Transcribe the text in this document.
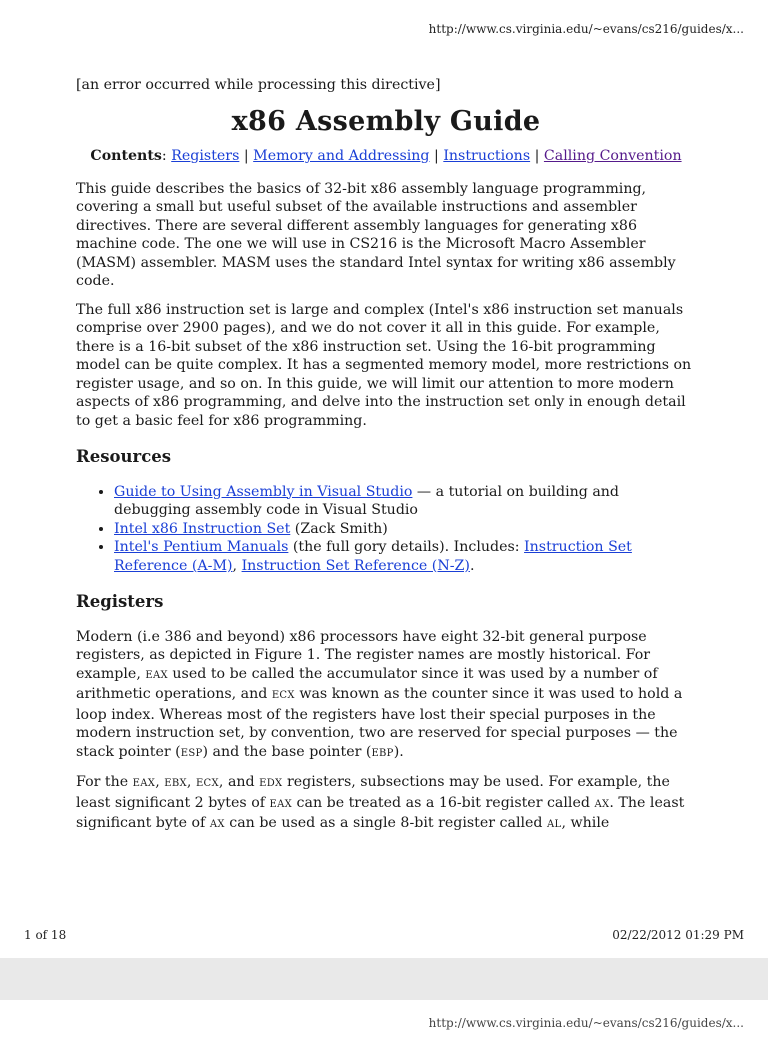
http://www.cs.virginia.edu/~evans/cs216/guides/x...
[an error occurred while processing this directive]
x86 Assembly Guide
Contents: Registers | Memory and Addressing | Instructions | Calling Convention

This guide describes the basics of 32-bit x86 assembly language programming, covering a small but useful subset of the available instructions and assembler directives. There are several different assembly languages for generating x86 machine code. The one we will use in CS216 is the Microsoft Macro Assembler (MASM) assembler. MASM uses the standard Intel syntax for writing x86 assembly code.

The full x86 instruction set is large and complex (Intel's x86 instruction set manuals comprise over 2900 pages), and we do not cover it all in this guide. For example, there is a 16-bit subset of the x86 instruction set. Using the 16-bit programming model can be quite complex. It has a segmented memory model, more restrictions on register usage, and so on. In this guide, we will limit our attention to more modern aspects of x86 programming, and delve into the instruction set only in enough detail to get a basic feel for x86 programming.

Resources
• Guide to Using Assembly in Visual Studio — a tutorial on building and debugging assembly code in Visual Studio
• Intel x86 Instruction Set (Zack Smith)
• Intel's Pentium Manuals (the full gory details). Includes: Instruction Set Reference (A-M), Instruction Set Reference (N-Z).
Registers

Modern (i.e 386 and beyond) x86 processors have eight 32-bit general purpose registers, as depicted in Figure 1. The register names are mostly historical. For example, EAX used to be called the accumulator since it was used by a number of arithmetic operations, and ECX was known as the counter since it was used to hold a loop index. Whereas most of the registers have lost their special purposes in the modern instruction set, by convention, two are reserved for special purposes — the stack pointer (ESP) and the base pointer (EBP).

For the EAX, EBX, ECX, and EDX registers, subsections may be used. For example, the least significant 2 bytes of EAX can be treated as a 16-bit register called AX. The least significant byte of AX can be used as a single 8-bit register called AL, while

1 of 18	02/22/2012 01:29 PM
http://www.cs.virginia.edu/~evans/cs216/guides/x...
